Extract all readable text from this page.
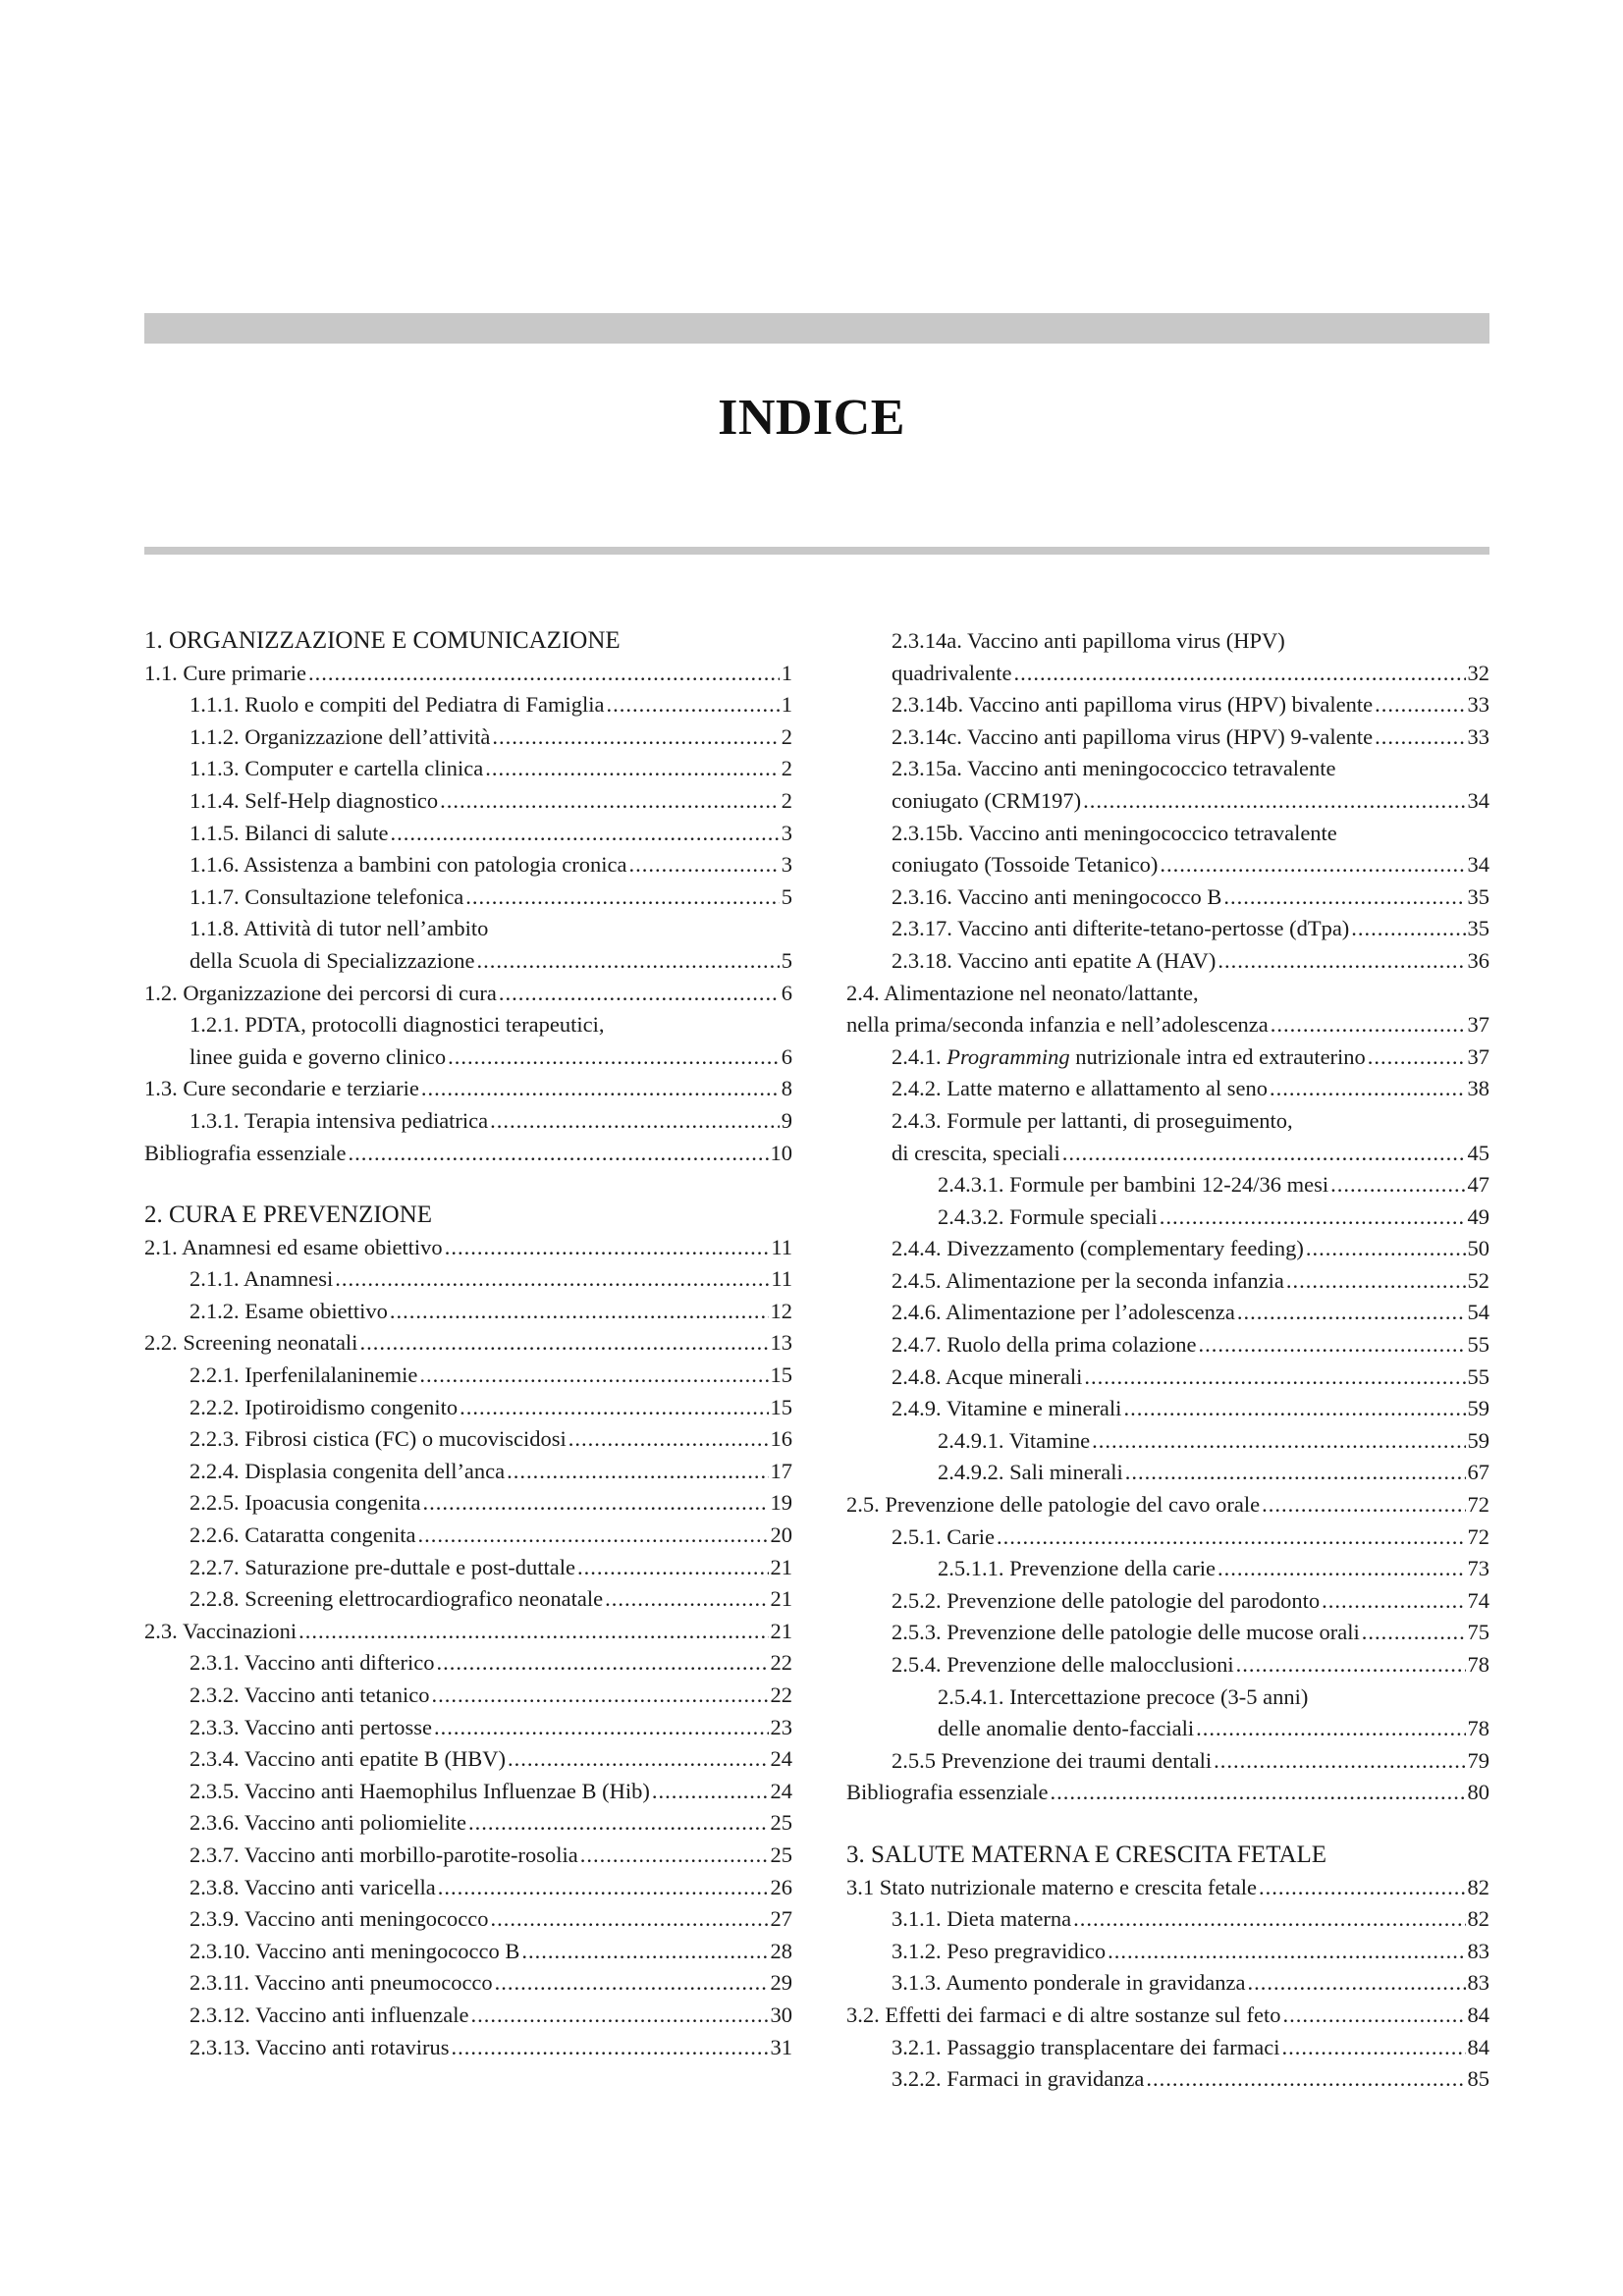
INDICE
1. ORGANIZZAZIONE E COMUNICAZIONE
1.1. Cure primarie .....	1
1.1.1. Ruolo e compiti del Pediatra di Famiglia .....	1
1.1.2. Organizzazione dell’attività .....	2
1.1.3. Computer e cartella clinica .....	2
1.1.4. Self-Help diagnostico .....	2
1.1.5. Bilanci di salute .....	3
1.1.6. Assistenza a bambini con patologia cronica .....	3
1.1.7. Consultazione telefonica .....	5
1.1.8. Attività di tutor nell’ambito
della Scuola di Specializzazione .....	5
1.2. Organizzazione dei percorsi di cura .....	6
1.2.1. PDTA, protocolli diagnostici terapeutici,
linee guida e governo clinico .....	6
1.3. Cure secondarie e terziarie .....	8
1.3.1. Terapia intensiva pediatrica .....	9
Bibliografia essenziale .....	10
2. CURA E PREVENZIONE
2.1. Anamnesi ed esame obiettivo .....	11
2.1.1. Anamnesi .....	11
2.1.2. Esame obiettivo .....	12
2.2. Screening neonatali .....	13
2.2.1. Iperfenilalaninemie .....	15
2.2.2. Ipotiroidismo congenito .....	15
2.2.3. Fibrosi cistica (FC) o mucoviscidosi .....	16
2.2.4. Displasia congenita dell’anca .....	17
2.2.5. Ipoacusia congenita .....	19
2.2.6. Cataratta congenita .....	20
2.2.7. Saturazione pre-duttale e post-duttale .....	21
2.2.8. Screening elettrocardiografico neonatale .....	21
2.3. Vaccinazioni .....	21
2.3.1. Vaccino anti difterico .....	22
2.3.2. Vaccino anti tetanico .....	22
2.3.3. Vaccino anti pertosse .....	23
2.3.4. Vaccino anti epatite B (HBV) .....	24
2.3.5. Vaccino anti Haemophilus Influenzae B (Hib) .....	24
2.3.6. Vaccino anti poliomielite .....	25
2.3.7. Vaccino anti morbillo-parotite-rosolia .....	25
2.3.8. Vaccino anti varicella .....	26
2.3.9. Vaccino anti meningococco .....	27
2.3.10. Vaccino anti meningococco B .....	28
2.3.11. Vaccino anti pneumococco .....	29
2.3.12. Vaccino anti influenzale .....	30
2.3.13. Vaccino anti rotavirus .....	31
2.3.14a. Vaccino anti papilloma virus (HPV)
quadrivalente .....	32
2.3.14b. Vaccino anti papilloma virus (HPV) bivalente .....	33
2.3.14c. Vaccino anti papilloma virus (HPV) 9-valente .....	33
2.3.15a. Vaccino anti meningococcico tetravalente
coniugato (CRM197) .....	34
2.3.15b. Vaccino anti meningococcico tetravalente
coniugato (Tossoide Tetanico) .....	34
2.3.16. Vaccino anti meningococco B .....	35
2.3.17. Vaccino anti difterite-tetano-pertosse (dTpa) .....	35
2.3.18. Vaccino anti epatite A (HAV) .....	36
2.4. Alimentazione nel neonato/lattante,
nella prima/seconda infanzia e nell’adolescenza .....	37
2.4.1. Programming nutrizionale intra ed extrauterino .....	37
2.4.2. Latte materno e allattamento al seno .....	38
2.4.3. Formule per lattanti, di proseguimento,
di crescita, speciali .....	45
2.4.3.1. Formule per bambini 12-24/36 mesi .....	47
2.4.3.2. Formule speciali .....	49
2.4.4. Divezzamento (complementary feeding) .....	50
2.4.5. Alimentazione per la seconda infanzia .....	52
2.4.6. Alimentazione per l’adolescenza .....	54
2.4.7. Ruolo della prima colazione .....	55
2.4.8. Acque minerali .....	55
2.4.9. Vitamine e minerali .....	59
2.4.9.1. Vitamine .....	59
2.4.9.2. Sali minerali .....	67
2.5. Prevenzione delle patologie del cavo orale .....	72
2.5.1. Carie .....	72
2.5.1.1. Prevenzione della carie .....	73
2.5.2. Prevenzione delle patologie del parodonto .....	74
2.5.3. Prevenzione delle patologie delle mucose orali .....	75
2.5.4. Prevenzione delle malocclusioni .....	78
2.5.4.1. Intercettazione precoce (3-5 anni)
delle anomalie dento-facciali .....	78
2.5.5 Prevenzione dei traumi dentali .....	79
Bibliografia essenziale .....	80
3. SALUTE MATERNA E CRESCITA FETALE
3.1 Stato nutrizionale materno e crescita fetale .....	82
3.1.1. Dieta materna .....	82
3.1.2. Peso pregravidico .....	83
3.1.3. Aumento ponderale in gravidanza .....	83
3.2. Effetti dei farmaci e di altre sostanze sul feto .....	84
3.2.1. Passaggio transplacentare dei farmaci .....	84
3.2.2. Farmaci in gravidanza .....	85
